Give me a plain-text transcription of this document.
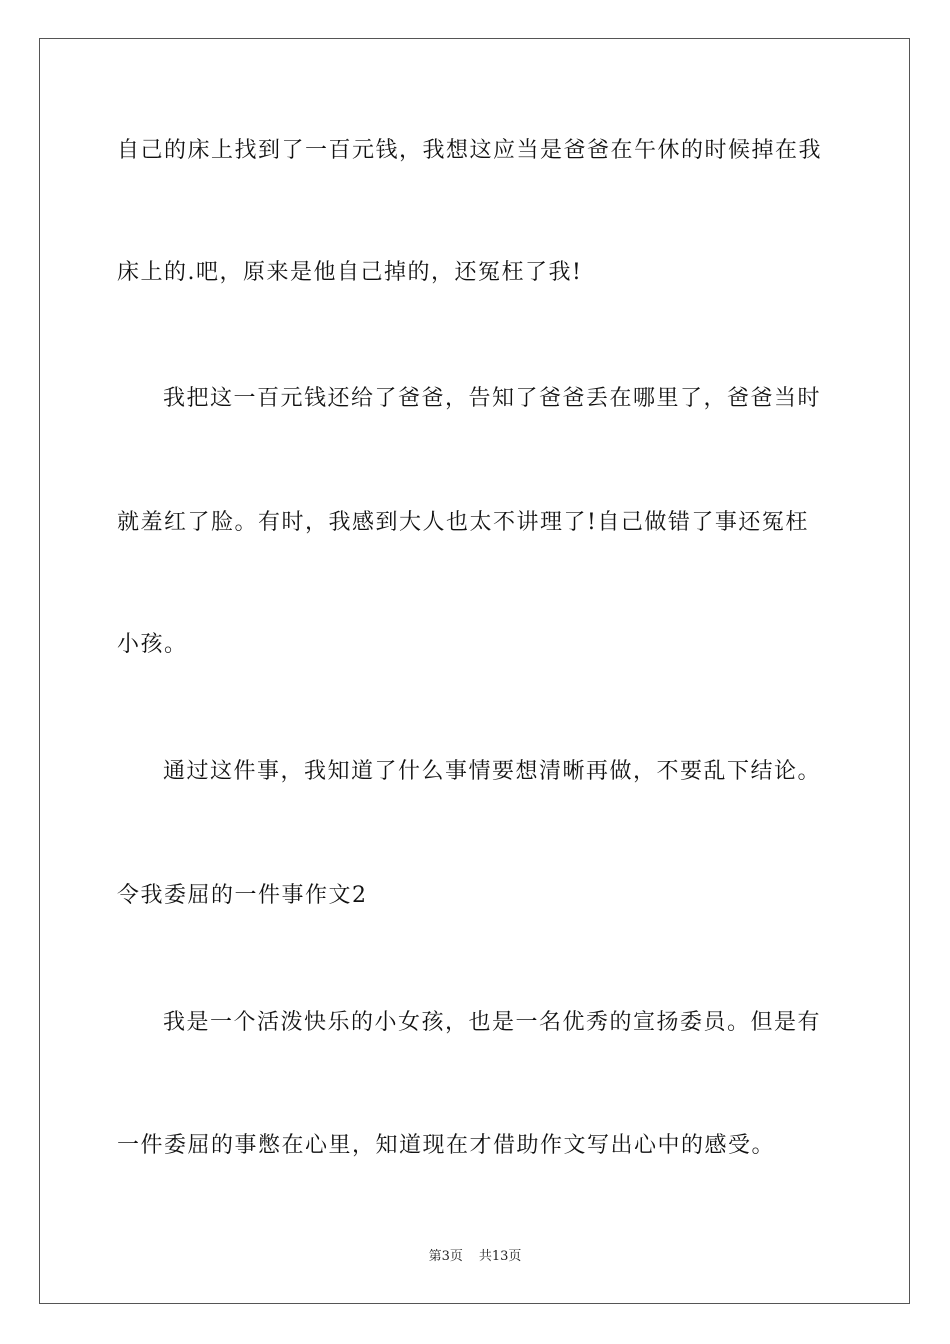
自己的床上找到了一百元钱，我想这应当是爸爸在午休的时候掉在我
床上的.吧，原来是他自己掉的，还冤枉了我!
我把这一百元钱还给了爸爸，告知了爸爸丢在哪里了，爸爸当时
就羞红了脸。有时，我感到大人也太不讲理了!自己做错了事还冤枉
小孩。
通过这件事，我知道了什么事情要想清晰再做，不要乱下结论。
令我委屈的一件事作文2
我是一个活泼快乐的小女孩，也是一名优秀的宣扬委员。但是有
一件委屈的事憋在心里，知道现在才借助作文写出心中的感受。
第3页 共13页
